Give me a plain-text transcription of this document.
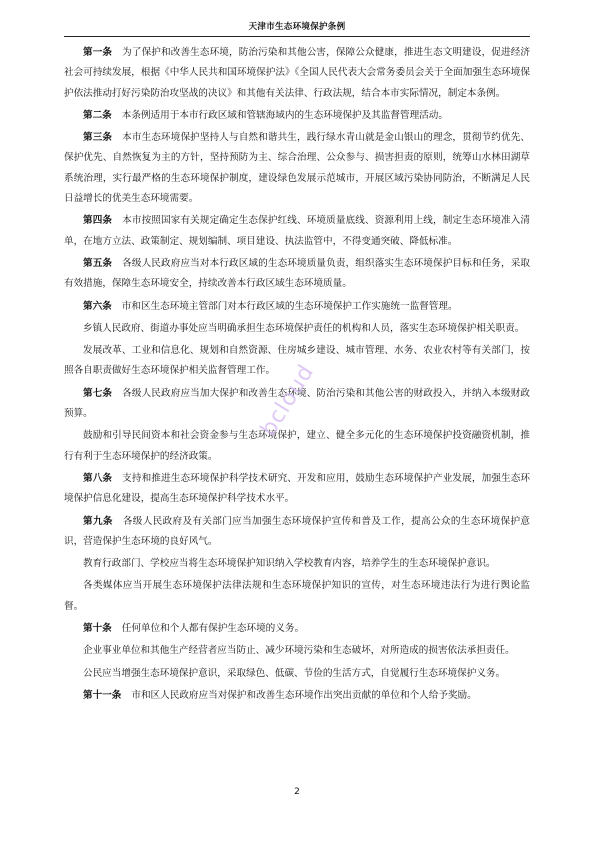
天津市生态环境保护条例

第一条 为了保护和改善生态环境，防治污染和其他公害，保障公众健康，推进生态文明建设，促进经济社会可持续发展，根据《中华人民共和国环境保护法》《全国人民代表大会常务委员会关于全面加强生态环境保护依法推动打好污染防治攻坚战的决议》和其他有关法律、行政法规，结合本市实际情况，制定本条例。

第二条 本条例适用于本市行政区域和管辖海域内的生态环境保护及其监督管理活动。

第三条 本市生态环境保护坚持人与自然和谐共生，践行绿水青山就是金山银山的理念，贯彻节约优先、保护优先、自然恢复为主的方针，坚持预防为主、综合治理、公众参与、损害担责的原则，统筹山水林田湖草系统治理，实行最严格的生态环境保护制度，建设绿色发展示范城市，开展区域污染协同防治，不断满足人民日益增长的优美生态环境需要。

第四条 本市按照国家有关规定确定生态保护红线、环境质量底线、资源利用上线，制定生态环境准入清单，在地方立法、政策制定、规划编制、项目建设、执法监管中，不得变通突破、降低标准。

第五条 各级人民政府应当对本行政区域的生态环境质量负责，组织落实生态环境保护目标和任务，采取有效措施，保障生态环境安全，持续改善本行政区域生态环境质量。

第六条 市和区生态环境主管部门对本行政区域的生态环境保护工作实施统一监督管理。

乡镇人民政府、街道办事处应当明确承担生态环境保护责任的机构和人员，落实生态环境保护相关职责。

发展改革、工业和信息化、规划和自然资源、住房城乡建设、城市管理、水务、农业农村等有关部门，按照各自职责做好生态环境保护相关监督管理工作。

第七条 各级人民政府应当加大保护和改善生态环境、防治污染和其他公害的财政投入，并纳入本级财政预算。

鼓励和引导民间资本和社会资金参与生态环境保护，建立、健全多元化的生态环境保护投资融资机制，推行有利于生态环境保护的经济政策。

第八条 支持和推进生态环境保护科学技术研究、开发和应用，鼓励生态环境保护产业发展，加强生态环境保护信息化建设，提高生态环境保护科学技术水平。

第九条 各级人民政府及有关部门应当加强生态环境保护宣传和普及工作，提高公众的生态环境保护意识，营造保护生态环境的良好风气。

教育行政部门、学校应当将生态环境保护知识纳入学校教育内容，培养学生的生态环境保护意识。

各类媒体应当开展生态环境保护法律法规和生态环境保护知识的宣传，对生态环境违法行为进行舆论监督。

第十条 任何单位和个人都有保护生态环境的义务。

企业事业单位和其他生产经营者应当防止、减少环境污染和生态破坏，对所造成的损害依法承担责任。

公民应当增强生态环境保护意识，采取绿色、低碳、节俭的生活方式，自觉履行生态环境保护义务。

第十一条 市和区人民政府应当对保护和改善生态环境作出突出贡献的单位和个人给予奖励。

bcloud
2
